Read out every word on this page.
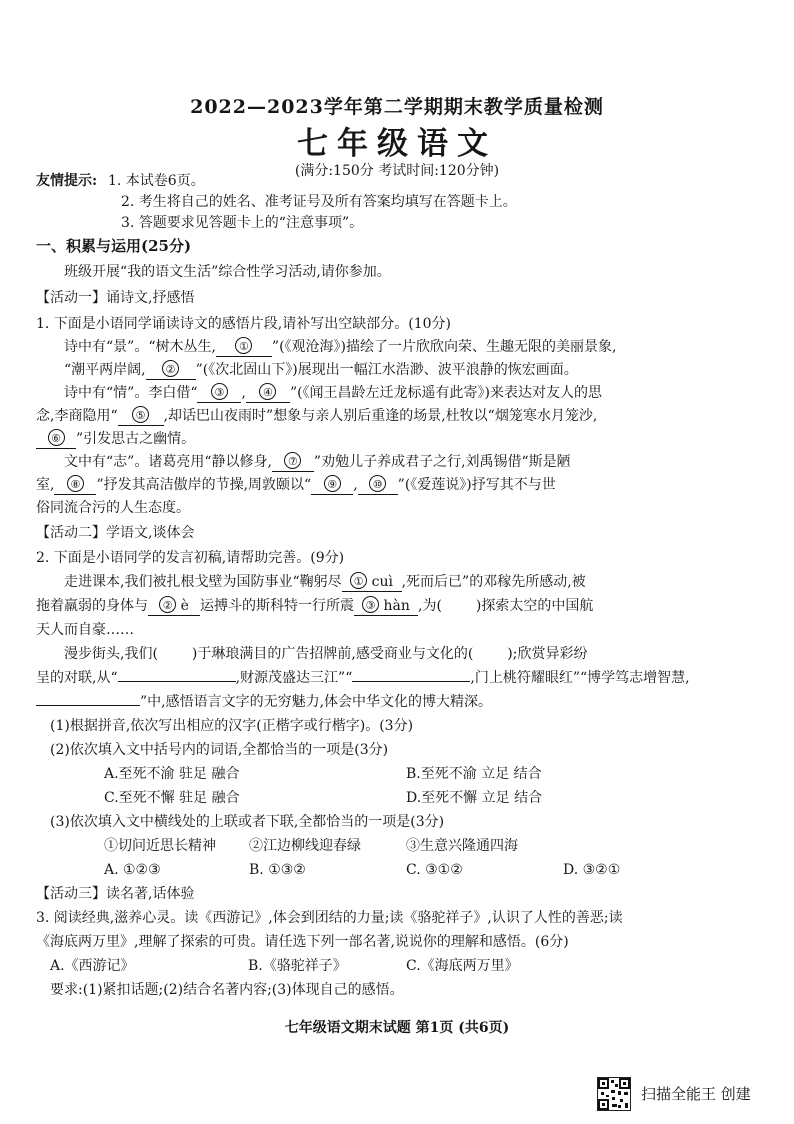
2022—2023学年第二学期期末教学质量检测
七年级语文
(满分:150分 考试时间:120分钟)
友情提示: 1. 本试卷6页。
2. 考生将自己的姓名、准考证号及所有答案均填写在答题卡上。
3. 答题要求见答题卡上的“注意事项”。
一、积累与运用(25分)
班级开展“我的语文生活”综合性学习活动,请你参加。
【活动一】诵诗文,抒感悟
1. 下面是小语同学诵读诗文的感悟片段,请补写出空缺部分。(10分)
诗中有“景”。“树木丛生, ① ”(《观沧海》)描绘了一片欣欣向荣、生趣无限的美丽景象,
“潮平两岸阔, ② ”(《次北固山下》)展现出一幅江水浩渺、波平浪静的恢宏画面。
诗中有“情”。李白借“ ③ , ④ ”(《闻王昌龄左迁龙标遥有此寄》)来表达对友人的思
念,李商隐用“ ⑤ ,却话巴山夜雨时”想象与亲人别后重逢的场景,杜牧以“烟笼寒水月笼沙,
⑥ ”引发思古之幽情。
文中有“志”。诸葛亮用“静以修身, ⑦ ”劝勉儿子养成君子之行,刘禹锡借“斯是陋
室, ⑧ ”抒发其高洁傲岸的节操,周敦颐以“ ⑨ , ⑩ ”(《爱莲说》)抒写其不与世
俗同流合污的人生态度。
【活动二】学语文,谈体会
2. 下面是小语同学的发言初稿,请帮助完善。(9分)
走进课本,我们被扎根戈壁为国防事业“鞠躬尽 ① cuì ,死而后已”的邓稼先所感动,被
拖着羸弱的身体与 ② è 运搏斗的斯科特一行所震 ③ hàn ,为( )探索太空的中国航
天人而自豪……
漫步街头,我们( )于琳琅满目的广告招牌前,感受商业与文化的( );欣赏异彩纷
呈的对联,从“	,财源茂盛达三江”“	,门上桃符耀眼红”“博学笃志增智慧,
”中,感悟语言文字的无穷魅力,体会中华文化的博大精深。
(1)根据拼音,依次写出相应的汉字(正楷字或行楷字)。(3分)
(2)依次填入文中括号内的词语,全都恰当的一项是(3分)
A.至死不渝 驻足 融合	B.至死不渝 立足 结合
C.至死不懈 驻足 融合	D.至死不懈 立足 结合
(3)依次填入文中横线处的上联或者下联,全都恰当的一项是(3分)
①切问近思长精神 ②江边柳线迎春绿	③生意兴隆通四海
A. ①②③	B. ①③②	C. ③①②	D. ③②①
【活动三】读名著,话体验
3. 阅读经典,滋养心灵。读《西游记》,体会到团结的力量;读《骆驼祥子》,认识了人性的善恶;读
《海底两万里》,理解了探索的可贵。请任选下列一部名著,说说你的理解和感悟。(6分)
A.《西游记》	B.《骆驼祥子》	C.《海底两万里》
要求:(1)紧扣话题;(2)结合名著内容;(3)体现自己的感悟。
七年级语文期末试题 第1页 (共6页)
扫描全能王 创建
